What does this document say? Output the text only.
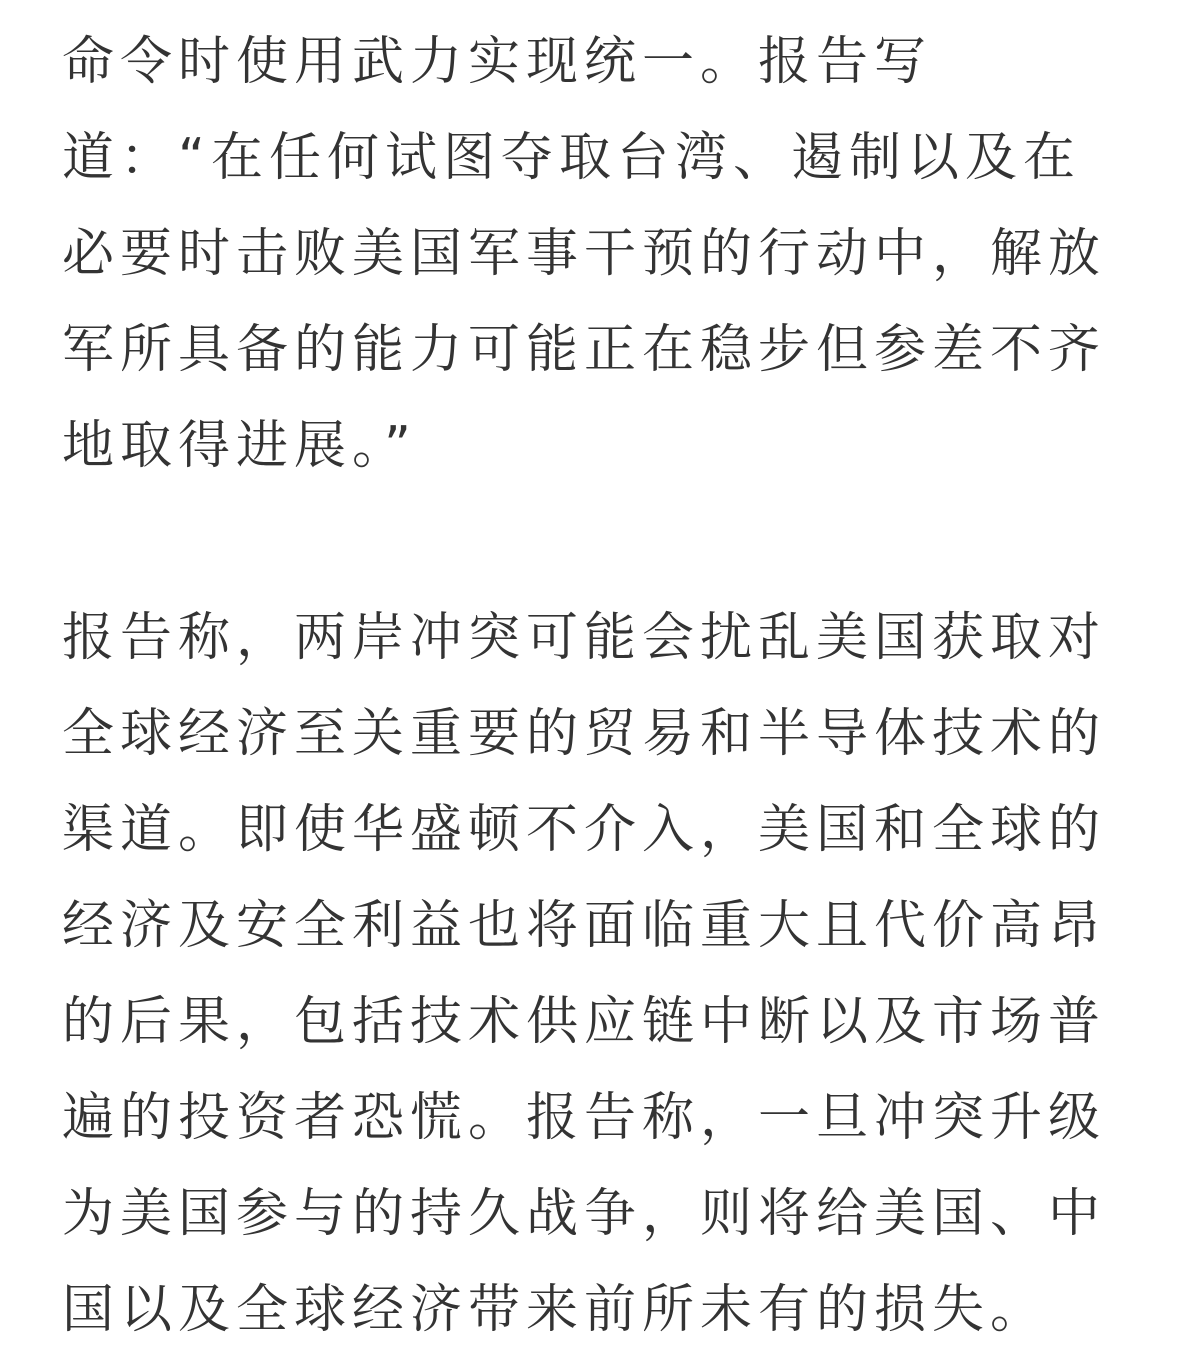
命令时使用武力实现统一。报告写道：“在任何试图夺取台湾、遏制以及在必要时击败美国军事干预的行动中，解放军所具备的能力可能正在稳步但参差不齐地取得进展。”

报告称，两岸冲突可能会扰乱美国获取对全球经济至关重要的贸易和半导体技术的渠道。即使华盛顿不介入，美国和全球的经济及安全利益也将面临重大且代价高昂的后果，包括技术供应链中断以及市场普遍的投资者恐慌。报告称，一旦冲突升级为美国参与的持久战争，则将给美国、中国以及全球经济带来前所未有的损失。
